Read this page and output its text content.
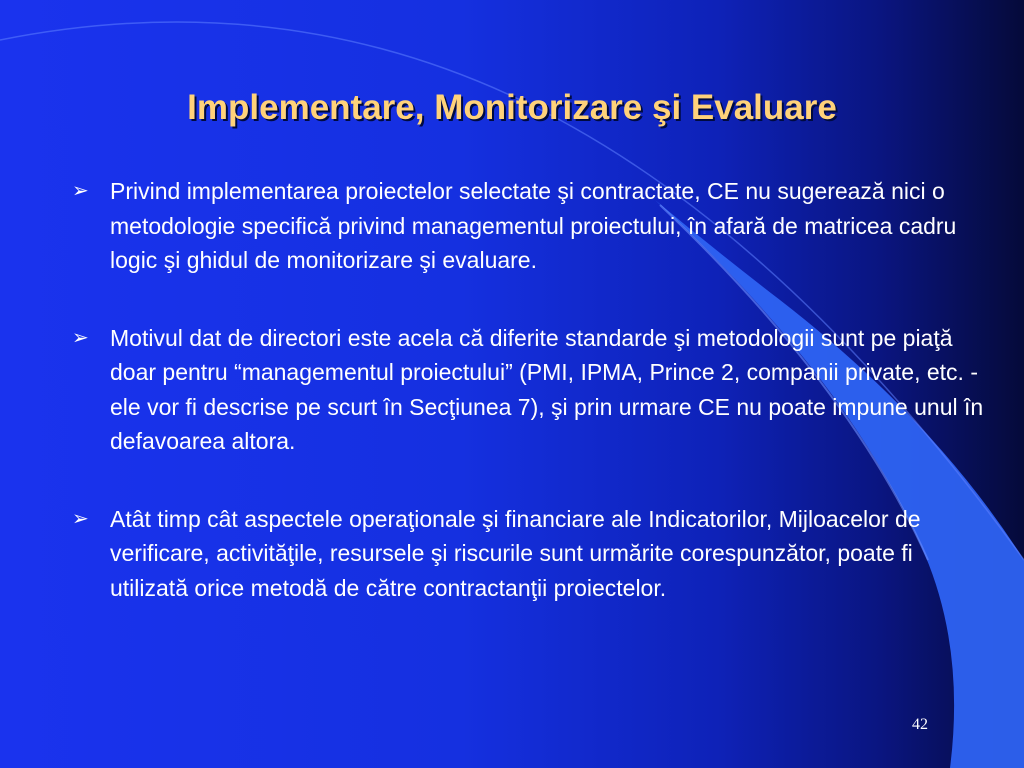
Implementare, Monitorizare şi Evaluare
➢ Privind implementarea proiectelor selectate şi contractate, CE nu sugerează nici o metodologie specifică privind managementul proiectului, în afară de matricea cadru logic şi ghidul de monitorizare şi evaluare.
➢ Motivul dat de directori este acela că diferite standarde şi metodologii sunt pe piaţă doar pentru “managementul proiectului” (PMI, IPMA, Prince 2, companii private, etc. - ele vor fi descrise pe scurt în Secţiunea 7), şi prin urmare CE nu poate impune unul în defavoarea altora.
➢ Atât timp cât aspectele operaţionale şi financiare ale Indicatorilor, Mijloacelor de verificare, activităţile, resursele şi riscurile sunt urmărite corespunzător, poate fi utilizată orice metodă de către contractanţii proiectelor.
42
